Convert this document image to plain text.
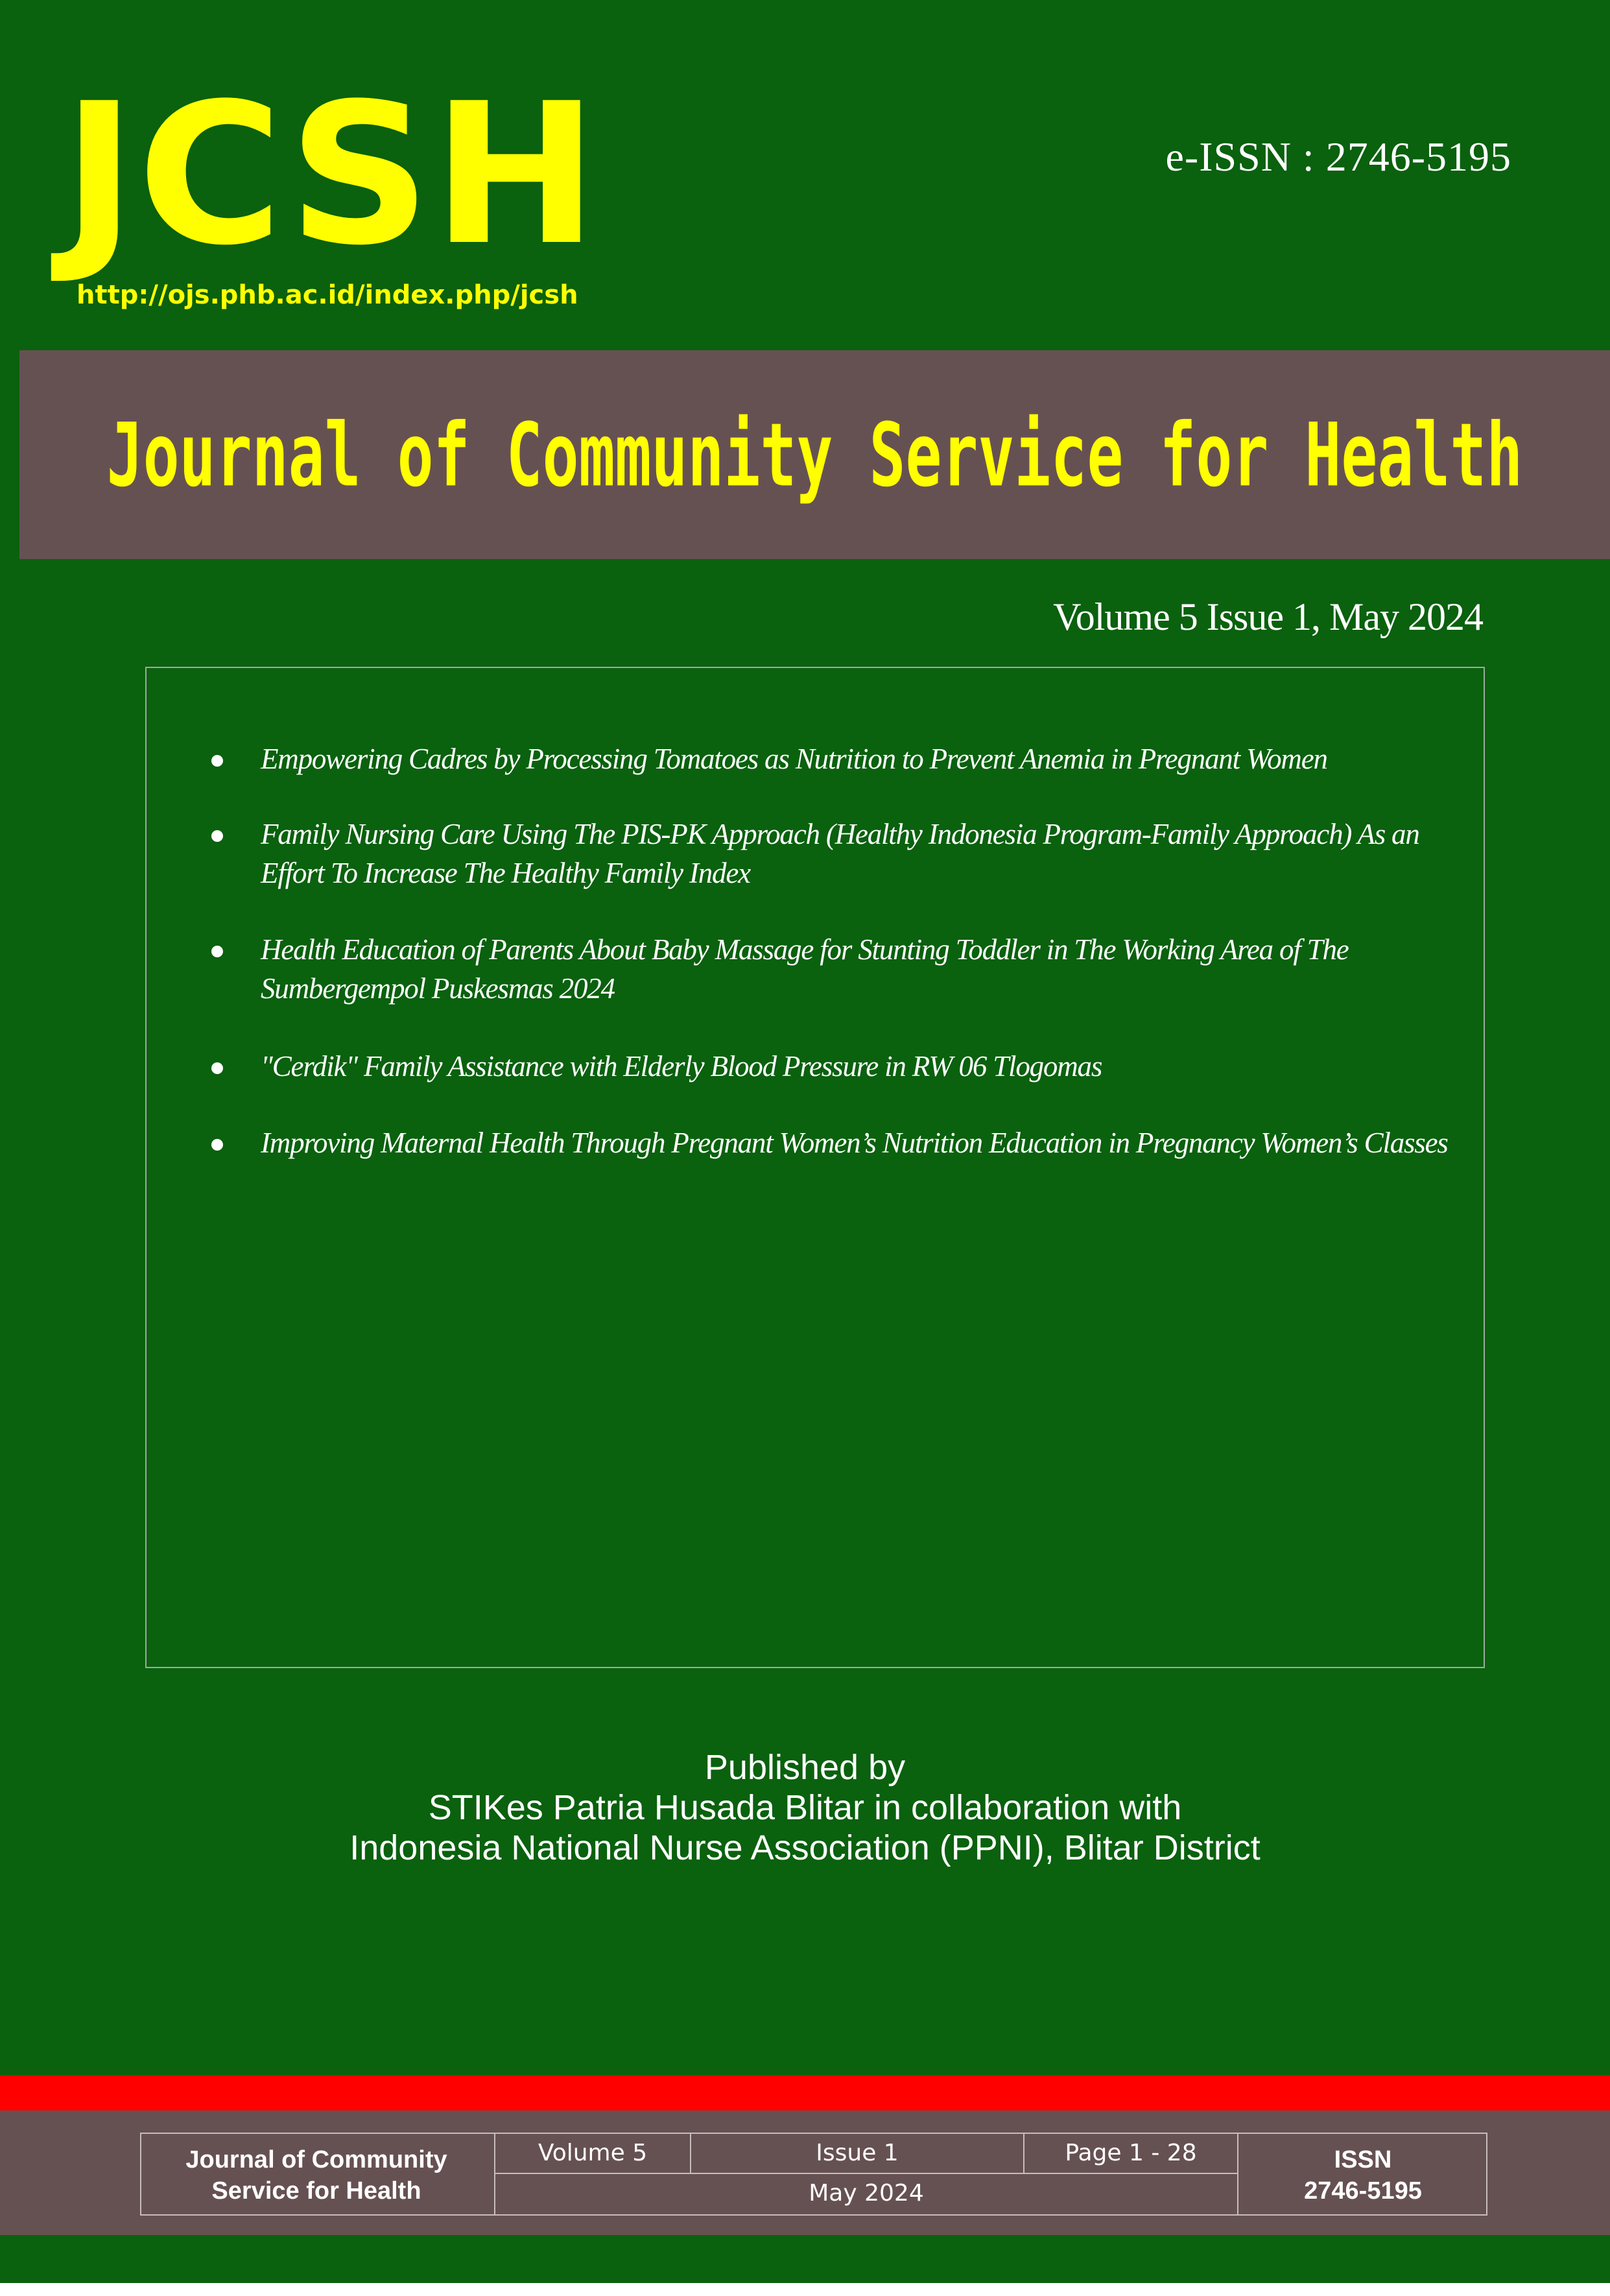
JCSH
http://ojs.phb.ac.id/index.php/jcsh
e-ISSN : 2746-5195
Journal of Community Service for Health
Volume 5 Issue 1, May 2024
Empowering Cadres by Processing Tomatoes as Nutrition to Prevent Anemia in Pregnant Women
Family Nursing Care Using The PIS-PK Approach (Healthy Indonesia Program-Family Approach) As an Effort To Increase The Healthy Family Index
Health Education of Parents About Baby Massage for Stunting Toddler in The Working Area of The Sumbergempol Puskesmas 2024
"Cerdik" Family Assistance with Elderly Blood Pressure in RW 06 Tlogomas
Improving Maternal Health Through Pregnant Women’s Nutrition Education in Pregnancy Women’s Classes
Published by
STIKes Patria Husada Blitar in collaboration with
Indonesia National Nurse Association (PPNI), Blitar District
Journal of Community
Service for Health
Volume 5	Issue 1	Page 1 - 28
May 2024
ISSN
2746-5195
